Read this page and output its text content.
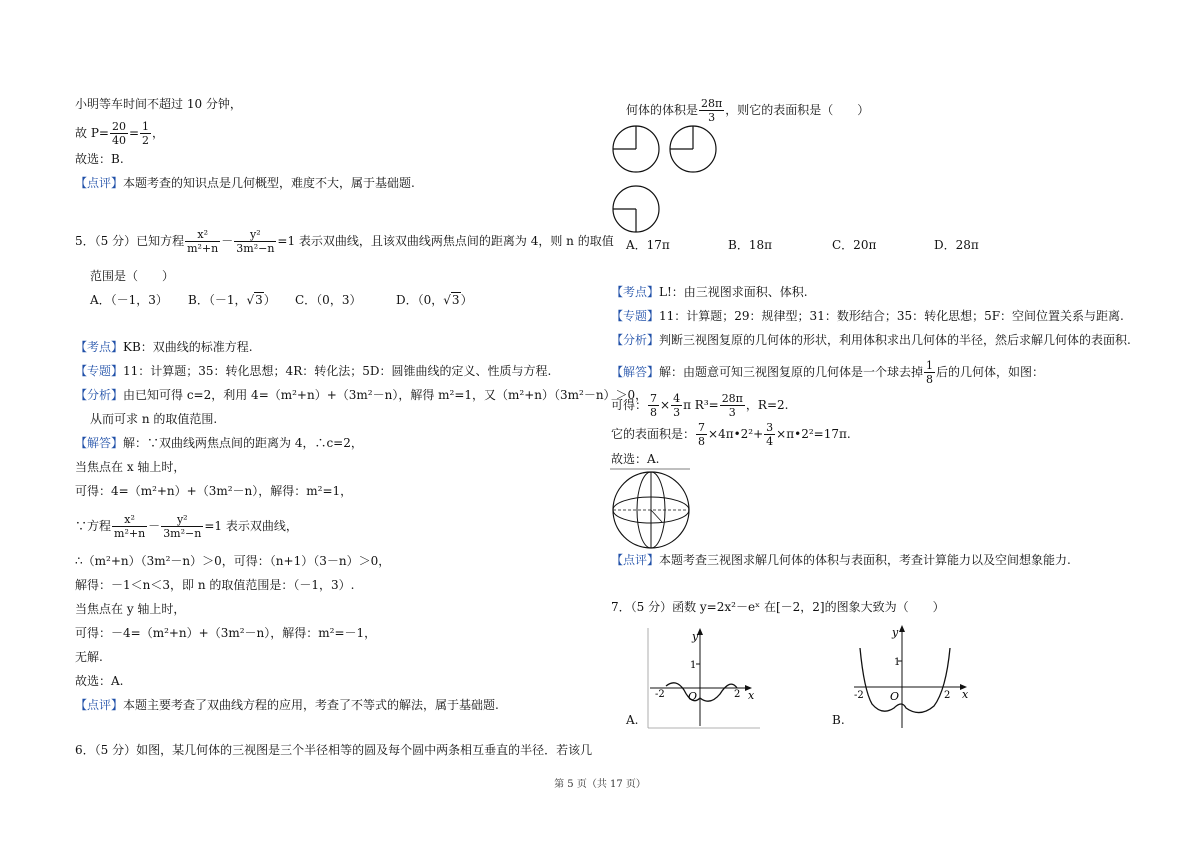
小明等车时间不超过 10 分钟，
故 $P= \frac{20}{40} = \frac{1}{2}$ ，
故选：B.
【点评】本题考查的知识点是几何概型，难度不大，属于基础题.
5．（5 分）已知方程 $\frac{\text{x²}}{\text{m²+n}} - \frac{\text{y²}}{\text{3m²−n}} =1$ 表示双曲线，且该双曲线两焦点间的距离为 4，则 n 的取值
范围是（　　）
A．（－1，3） B．（－1，√3） C．（0，3）	D．（0，√3）
【考点】KB：双曲线的标准方程.
【专题】11：计算题；35：转化思想；4R：转化法；5D：圆锥曲线的定义、性质与方程.
【分析】由已知可得 c=2，利用 4=（m²+n）+（3m²－n），解得 m²=1，又（m²+n）（3m²－n）＞0，
从而可求 n 的取值范围.
【解答】解：∵双曲线两焦点间的距离为 4，∴c=2，
当焦点在 x 轴上时，
可得：4=（m²+n）+（3m²－n），解得：m²=1，
∵方程 $\frac{\text{x²}}{\text{m²+n}} - \frac{\text{y²}}{\text{3m²−n}} =1$ 表示双曲线，
∴（m²+n）（3m²－n）＞0，可得：（n+1）（3－n）＞0，
解得：－1＜n＜3，即 n 的取值范围是：（－1，3）.
当焦点在 y 轴上时，
可得：－4=（m²+n）+（3m²－n），解得：m²=－1，
无解.
故选：A.
【点评】本题主要考查了双曲线方程的应用，考查了不等式的解法，属于基础题.
6．（5 分）如图，某几何体的三视图是三个半径相等的圆及每个圆中两条相互垂直的半径．若该几
何体的体积是 $\frac{28\pi}{3}$ ，则它的表面积是（　　）
A．17π	B．18π	C．20π	D．28π
【考点】L!：由三视图求面积、体积.
【专题】11：计算题；29：规律型；31：数形结合；35：转化思想；5F：空间位置关系与距离.
【分析】判断三视图复原的几何体的形状，利用体积求出几何体的半径，然后求解几何体的表面积.
【解答】解：由题意可知三视图复原的几何体是一个球去掉 $\frac{1}{8}$ 后的几何体，如图：
可得： $\frac{7}{8} \times \frac{4}{3}$ π $R^3= \frac{28\pi}{3}$ ，R=2.
它的表面积是： $\frac{7}{8}$ ×4π•2²+ $\frac{3}{4}$ ×π•2²=17π.
故选：A.
【点评】本题考查三视图求解几何体的体积与表面积，考查计算能力以及空间想象能力.
7．（5 分）函数 y=2x²－eˣ 在[－2，2]的图象大致为（　　）
y
x
O
-2	2
1
A.
y
x
O
-2	2
1
B.
第 5 页（共 17 页）
